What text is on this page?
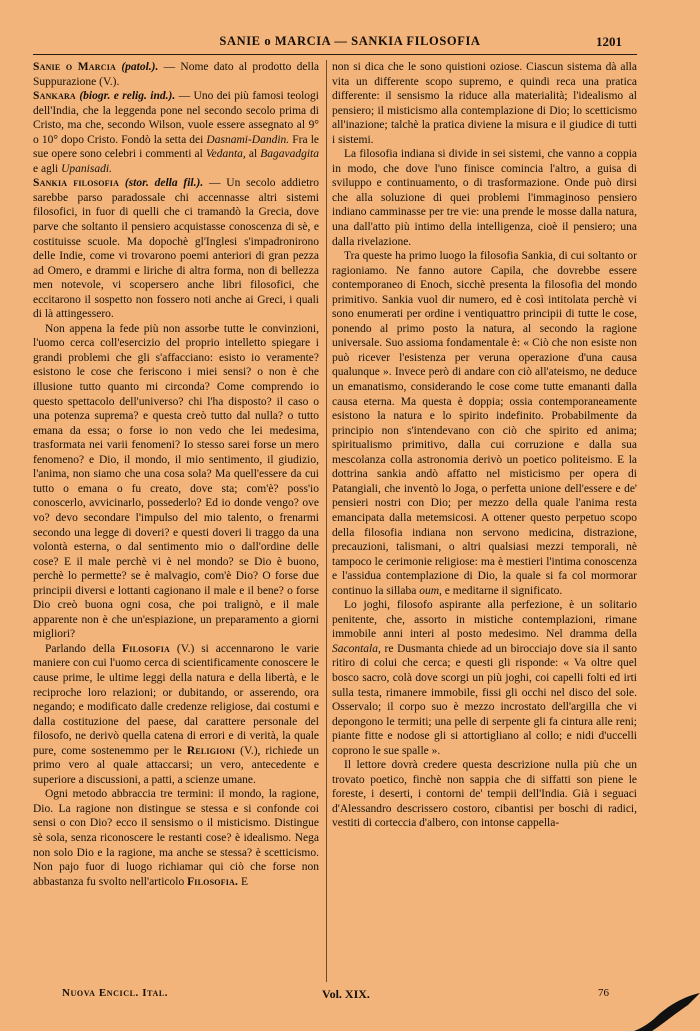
SANIE o MARCIA — SANKIA FILOSOFIA	1201

Sanie o Marcia (patol.). — Nome dato al prodotto della Suppurazione (V.).

Sankara (biogr. e relig. ind.). — Uno dei più famosi teologi dell'India, che la leggenda pone nel secondo secolo prima di Cristo, ma che, secondo Wilson, vuole essere assegnato al 9° o 10° dopo Cristo. Fondò la setta dei Dasnami-Dandin. Fra le sue opere sono celebri i commenti al Vedanta, al Bagavadgita e agli Upanisadi.

Sankia filosofia (stor. della fil.). — Un secolo addietro sarebbe parso paradossale chi accennasse altri sistemi filosofici, in fuor di quelli che ci tramandò la Grecia, dove parve che soltanto il pensiero acquistasse conoscenza di sè, e costituisse scuole. Ma dopochè gl'Inglesi s'impadronirono delle Indie, come vi trovarono poemi anteriori di gran pezza ad Omero, e drammi e liriche di altra forma, non di bellezza men notevole, vi scopersero anche libri filosofici, che eccitarono il sospetto non fossero noti anche ai Greci, i quali di là attingessero.

Non appena la fede più non assorbe tutte le convinzioni, l'uomo cerca coll'esercizio del proprio intelletto spiegare i grandi problemi che gli s'affacciano: esisto io veramente? esistono le cose che feriscono i miei sensi? o non è che illusione tutto quanto mi circonda? Come comprendo io questo spettacolo dell'universo? chi l'ha disposto? il caso o una potenza suprema? e questa creò tutto dal nulla? o tutto emana da essa; o forse io non vedo che lei medesima, trasformata nei varii fenomeni? Io stesso sarei forse un mero fenomeno? e Dio, il mondo, il mio sentimento, il giudizio, l'anima, non siamo che una cosa sola? Ma quell'essere da cui tutto o emana o fu creato, dove sta; com'è? poss'io conoscerlo, avvicinarlo, possederlo? Ed io donde vengo? ove vo? devo secondare l'impulso del mio talento, o frenarmi secondo una legge di doveri? e questi doveri li traggo da una volontà esterna, o dal sentimento mio o dall'ordine delle cose? E il male perchè vi è nel mondo? se Dio è buono, perchè lo permette? se è malvagio, com'è Dio? O forse due principii diversi e lottanti cagionano il male e il bene? o forse Dio creò buona ogni cosa, che poi tralignò, e il male apparente non è che un'espiazione, un preparamento a giorni migliori?

Parlando della Filosofia (V.) si accennarono le varie maniere con cui l'uomo cerca di scientificamente conoscere le cause prime, le ultime leggi della natura e della libertà, e le reciproche loro relazioni; or dubitando, or asserendo, ora negando; e modificato dalle credenze religiose, dai costumi e dalla costituzione del paese, dal carattere personale del filosofo, ne derivò quella catena di errori e di verità, la quale pure, come sostenemmo per le Religioni (V.), richiede un primo vero al quale attaccarsi; un vero, antecedente e superiore a discussioni, a patti, a scienze umane.

Ogni metodo abbraccia tre termini: il mondo, la ragione, Dio. La ragione non distingue se stessa e si confonde coi sensi o con Dio? ecco il sensismo o il misticismo. Distingue sè sola, senza riconoscere le restanti cose? è idealismo. Nega non solo Dio e la ragione, ma anche se stessa? è scetticismo. Non pajo fuor di luogo richiamar qui ciò che forse non abbastanza fu svolto nell'articolo Filosofia. E

non si dica che le sono quistioni oziose. Ciascun sistema dà alla vita un differente scopo supremo, e quindi reca una pratica differente: il sensismo la riduce alla materialità; l'idealismo al pensiero; il misticismo alla contemplazione di Dio; lo scetticismo all'inazione; talchè la pratica diviene la misura e il giudice di tutti i sistemi.

La filosofia indiana si divide in sei sistemi, che vanno a coppia in modo, che dove l'uno finisce comincia l'altro, a guisa di sviluppo e continuamento, o di trasformazione. Onde può dirsi che alla soluzione di quei problemi l'immaginoso pensiero indiano camminasse per tre vie: una prende le mosse dalla natura, una dall'atto più intimo della intelligenza, cioè il pensiero; una dalla rivelazione.

Tra queste ha primo luogo la filosofia Sankia, di cui soltanto or ragioniamo. Ne fanno autore Capila, che dovrebbe essere contemporaneo di Enoch, sicchè presenta la filosofia del mondo primitivo. Sankia vuol dir numero, ed è così intitolata perchè vi sono enumerati per ordine i ventiquattro principii di tutte le cose, ponendo al primo posto la natura, al secondo la ragione universale. Suo assioma fondamentale è: « Ciò che non esiste non può ricever l'esistenza per veruna operazione d'una causa qualunque ». Invece però di andare con ciò all'ateismo, ne deduce un emanatismo, considerando le cose come tutte emananti dalla causa eterna. Ma questa è doppia; ossia contemporaneamente esistono la natura e lo spirito indefinito. Probabilmente da principio non s'intendevano con ciò che spirito ed anima; spiritualismo primitivo, dalla cui corruzione e dalla sua mescolanza colla astronomia derivò un poetico politeismo. E la dottrina sankia andò affatto nel misticismo per opera di Patangiali, che inventò lo Joga, o perfetta unione dell'essere e de' pensieri nostri con Dio; per mezzo della quale l'anima resta emancipata dalla metemsicosi. A ottener questo perpetuo scopo della filosofia indiana non servono medicina, distrazione, precauzioni, talismani, o altri qualsiasi mezzi temporali, nè tampoco le cerimonie religiose: ma è mestieri l'intima conoscenza e l'assidua contemplazione di Dio, la quale si fa col mormorar continuo la sillaba oum, e meditarne il significato.

Lo joghi, filosofo aspirante alla perfezione, è un solitario penitente, che, assorto in mistiche contemplazioni, rimane immobile anni interi al posto medesimo. Nel dramma della Sacontala, re Dusmanta chiede ad un birocciajo dove sia il santo ritiro di colui che cerca; e questi gli risponde: « Va oltre quel bosco sacro, colà dove scorgi un più joghi, coi capelli folti ed irti sulla testa, rimanere immobile, fissi gli occhi nel disco del sole. Osservalo; il corpo suo è mezzo incrostato dell'argilla che vi depongono le termiti; una pelle di serpente gli fa cintura alle reni; piante fitte e nodose gli si attortigliano al collo; e nidi d'uccelli coprono le sue spalle ».

Il lettore dovrà credere questa descrizione nulla più che un trovato poetico, finchè non sappia che di siffatti son piene le foreste, i deserti, i contorni de' tempii dell'India. Già i seguaci d'Alessandro descrissero costoro, cibantisi per boschi di radici, vestiti di corteccia d'albero, con intonse cappella-

Nuova Encicl. Ital.	Vol. XIX.	76
